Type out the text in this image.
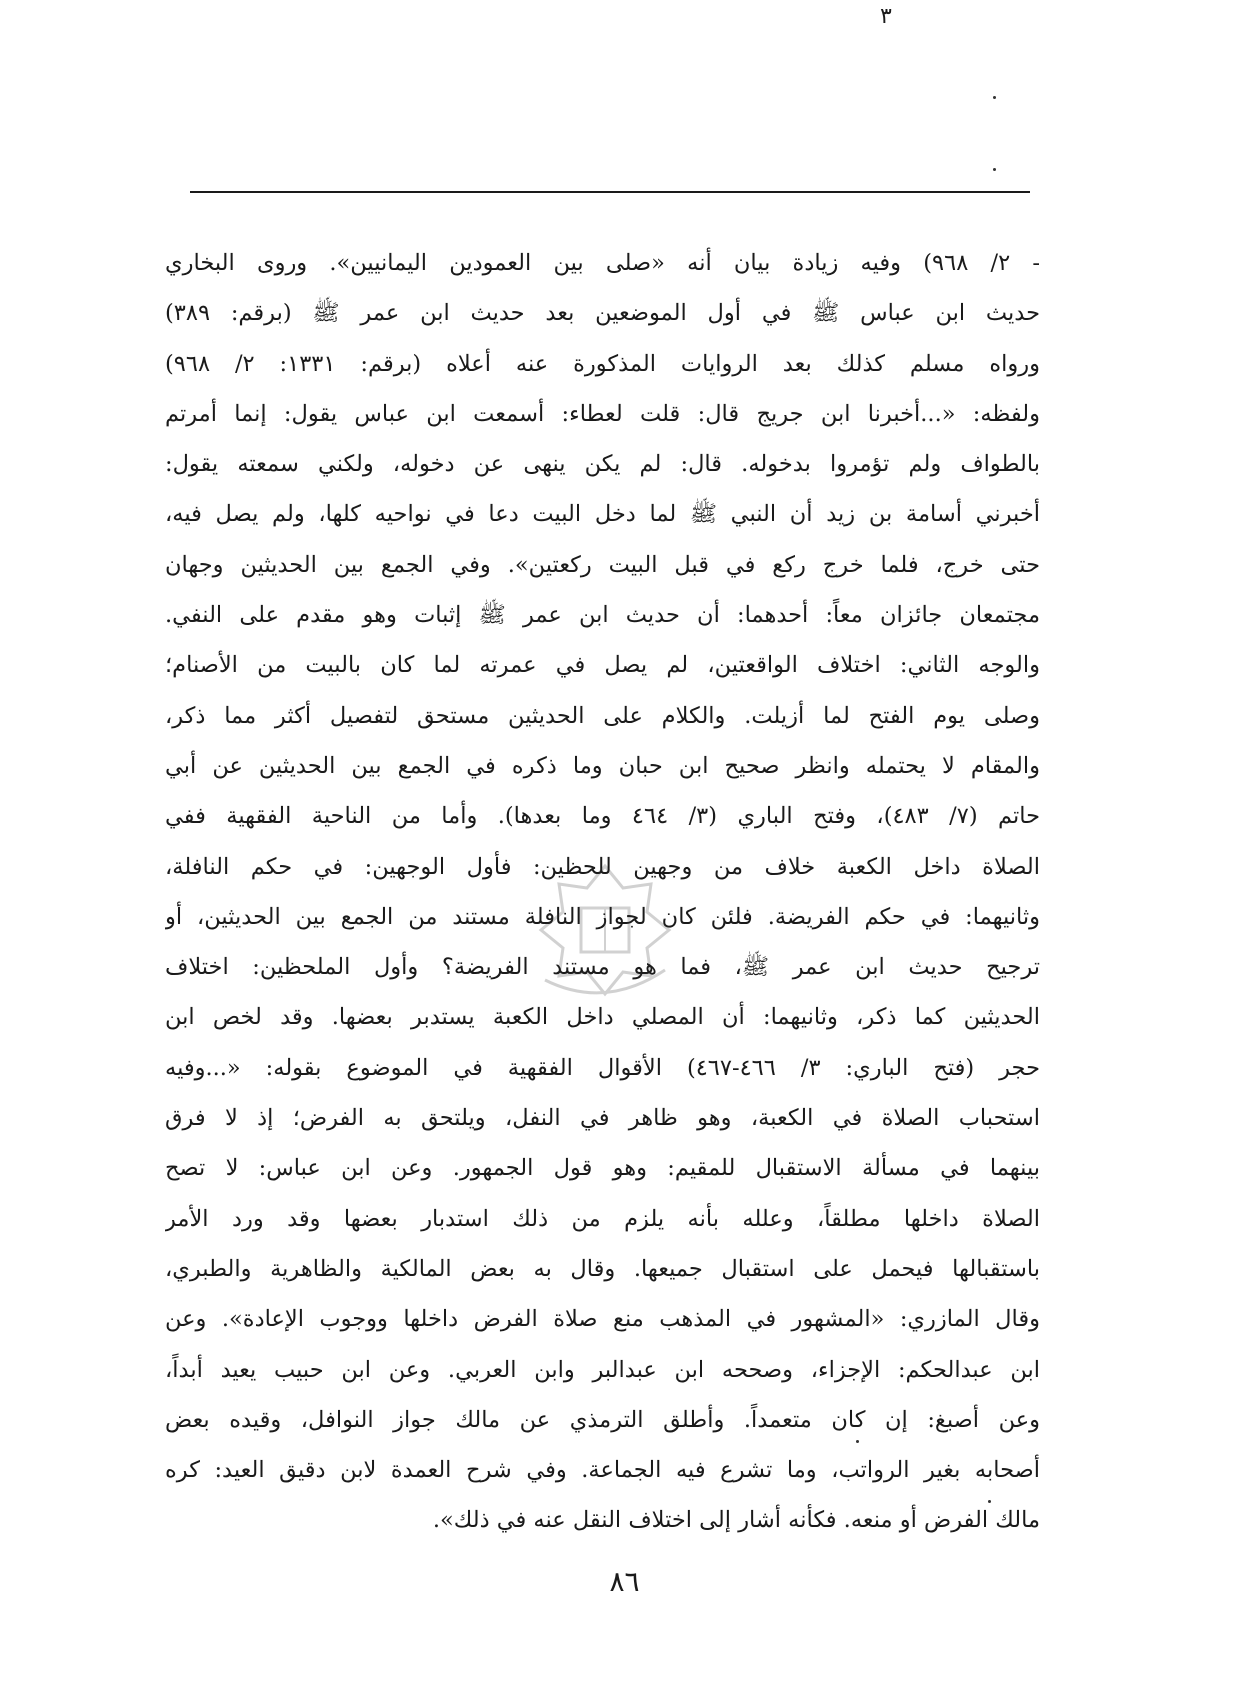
٣
- ٢/ ٩٦٨) وفيه زيادة بيان أنه «صلى بين العمودين اليمانيين». وروى البخاري
حديث ابن عباس ﷺ في أول الموضعين بعد حديث ابن عمر ﷺ (برقم: ٣٨٩)
ورواه مسلم كذلك بعد الروايات المذكورة عنه أعلاه (برقم: ١٣٣١: ٢/ ٩٦٨)
ولفظه: «...أخبرنا ابن جريج قال: قلت لعطاء: أسمعت ابن عباس يقول: إنما أمرتم
بالطواف ولم تؤمروا بدخوله. قال: لم يكن ينهى عن دخوله، ولكني سمعته يقول:
أخبرني أسامة بن زيد أن النبي ﷺ لما دخل البيت دعا في نواحيه كلها، ولم يصل فيه،
حتى خرج، فلما خرج ركع في قبل البيت ركعتين». وفي الجمع بين الحديثين وجهان
مجتمعان جائزان معاً: أحدهما: أن حديث ابن عمر ﷺ إثبات وهو مقدم على النفي.
والوجه الثاني: اختلاف الواقعتين، لم يصل في عمرته لما كان بالبيت من الأصنام؛
وصلى يوم الفتح لما أزيلت. والكلام على الحديثين مستحق لتفصيل أكثر مما ذكر،
والمقام لا يحتمله وانظر صحيح ابن حبان وما ذكره في الجمع بين الحديثين عن أبي
حاتم (٧/ ٤٨٣)، وفتح الباري (٣/ ٤٦٤ وما بعدها). وأما من الناحية الفقهية ففي
الصلاة داخل الكعبة خلاف من وجهين للحظين: فأول الوجهين: في حكم النافلة،
وثانيهما: في حكم الفريضة. فلئن كان لجواز النافلة مستند من الجمع بين الحديثين، أو
ترجيح حديث ابن عمر ﷺ، فما هو مستند الفريضة؟ وأول الملحظين: اختلاف
الحديثين كما ذكر، وثانيهما: أن المصلي داخل الكعبة يستدبر بعضها. وقد لخص ابن
حجر (فتح الباري: ٣/ ٤٦٦-٤٦٧) الأقوال الفقهية في الموضوع بقوله: «...وفيه
استحباب الصلاة في الكعبة، وهو ظاهر في النفل، ويلتحق به الفرض؛ إذ لا فرق
بينهما في مسألة الاستقبال للمقيم: وهو قول الجمهور. وعن ابن عباس: لا تصح
الصلاة داخلها مطلقاً، وعلله بأنه يلزم من ذلك استدبار بعضها وقد ورد الأمر
باستقبالها فيحمل على استقبال جميعها. وقال به بعض المالكية والظاهرية والطبري،
وقال المازري: «المشهور في المذهب منع صلاة الفرض داخلها ووجوب الإعادة». وعن
ابن عبدالحكم: الإجزاء، وصححه ابن عبدالبر وابن العربي. وعن ابن حبيب يعيد أبداً،
وعن أصبغ: إن كان متعمداً. وأطلق الترمذي عن مالك جواز النوافل، وقيده بعض
أصحابه بغير الرواتب، وما تشرع فيه الجماعة. وفي شرح العمدة لابن دقيق العيد: كره
مالك الفرض أو منعه. فكأنه أشار إلى اختلاف النقل عنه في ذلك».
٨٦
